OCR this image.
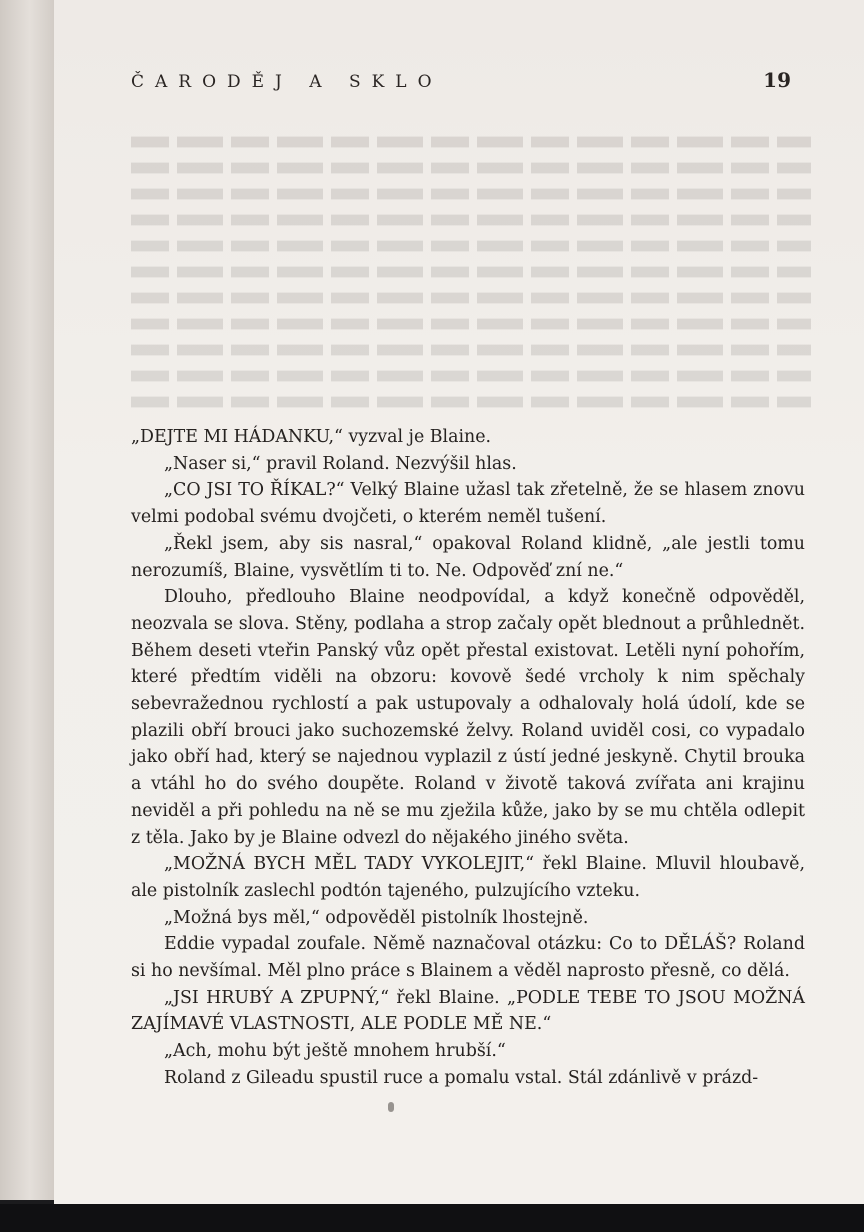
ČARODĚJ A SKLO	19

„DEJTE MI HÁDANKU,“ vyzval je Blaine.

„Naser si,“ pravil Roland. Nezvýšil hlas.

„CO JSI TO ŘÍKAL?“ Velký Blaine užasl tak zřetelně, že se hlasem znovu velmi podobal svému dvojčeti, o kterém neměl tušení.

„Řekl jsem, aby sis nasral,“ opakoval Roland klidně, „ale jestli tomu nerozumíš, Blaine, vysvětlím ti to. Ne. Odpověď zní ne.“

Dlouho, předlouho Blaine neodpovídal, a když konečně odpověděl, neozvala se slova. Stěny, podlaha a strop začaly opět blednout a průhlednět. Během deseti vteřin Panský vůz opět přestal existovat. Letěli nyní pohořím, které předtím viděli na obzoru: kovově šedé vrcholy k nim spěchaly sebevražednou rychlostí a pak ustupovaly a odhalovaly holá údolí, kde se plazili obří brouci jako suchozemské želvy. Roland uviděl cosi, co vypadalo jako obří had, který se najednou vyplazil z ústí jedné jeskyně. Chytil brouka a vtáhl ho do svého doupěte. Roland v životě taková zvířata ani krajinu neviděl a při pohledu na ně se mu zježila kůže, jako by se mu chtěla odlepit z těla. Jako by je Blaine odvezl do nějakého jiného světa.

„MOŽNÁ BYCH MĚL TADY VYKOLEJIT,“ řekl Blaine. Mluvil hloubavě, ale pistolník zaslechl podtón tajeného, pulzujícího vzteku.

„Možná bys měl,“ odpověděl pistolník lhostejně.

Eddie vypadal zoufale. Němě naznačoval otázku: Co to DĚLÁŠ? Roland si ho nevšímal. Měl plno práce s Blainem a věděl naprosto přesně, co dělá.

„JSI HRUBÝ A ZPUPNÝ,“ řekl Blaine. „PODLE TEBE TO JSOU MOŽNÁ ZAJÍMAVÉ VLASTNOSTI, ALE PODLE MĚ NE.“

„Ach, mohu být ještě mnohem hrubší.“

Roland z Gileadu spustil ruce a pomalu vstal. Stál zdánlivě v prázd-
